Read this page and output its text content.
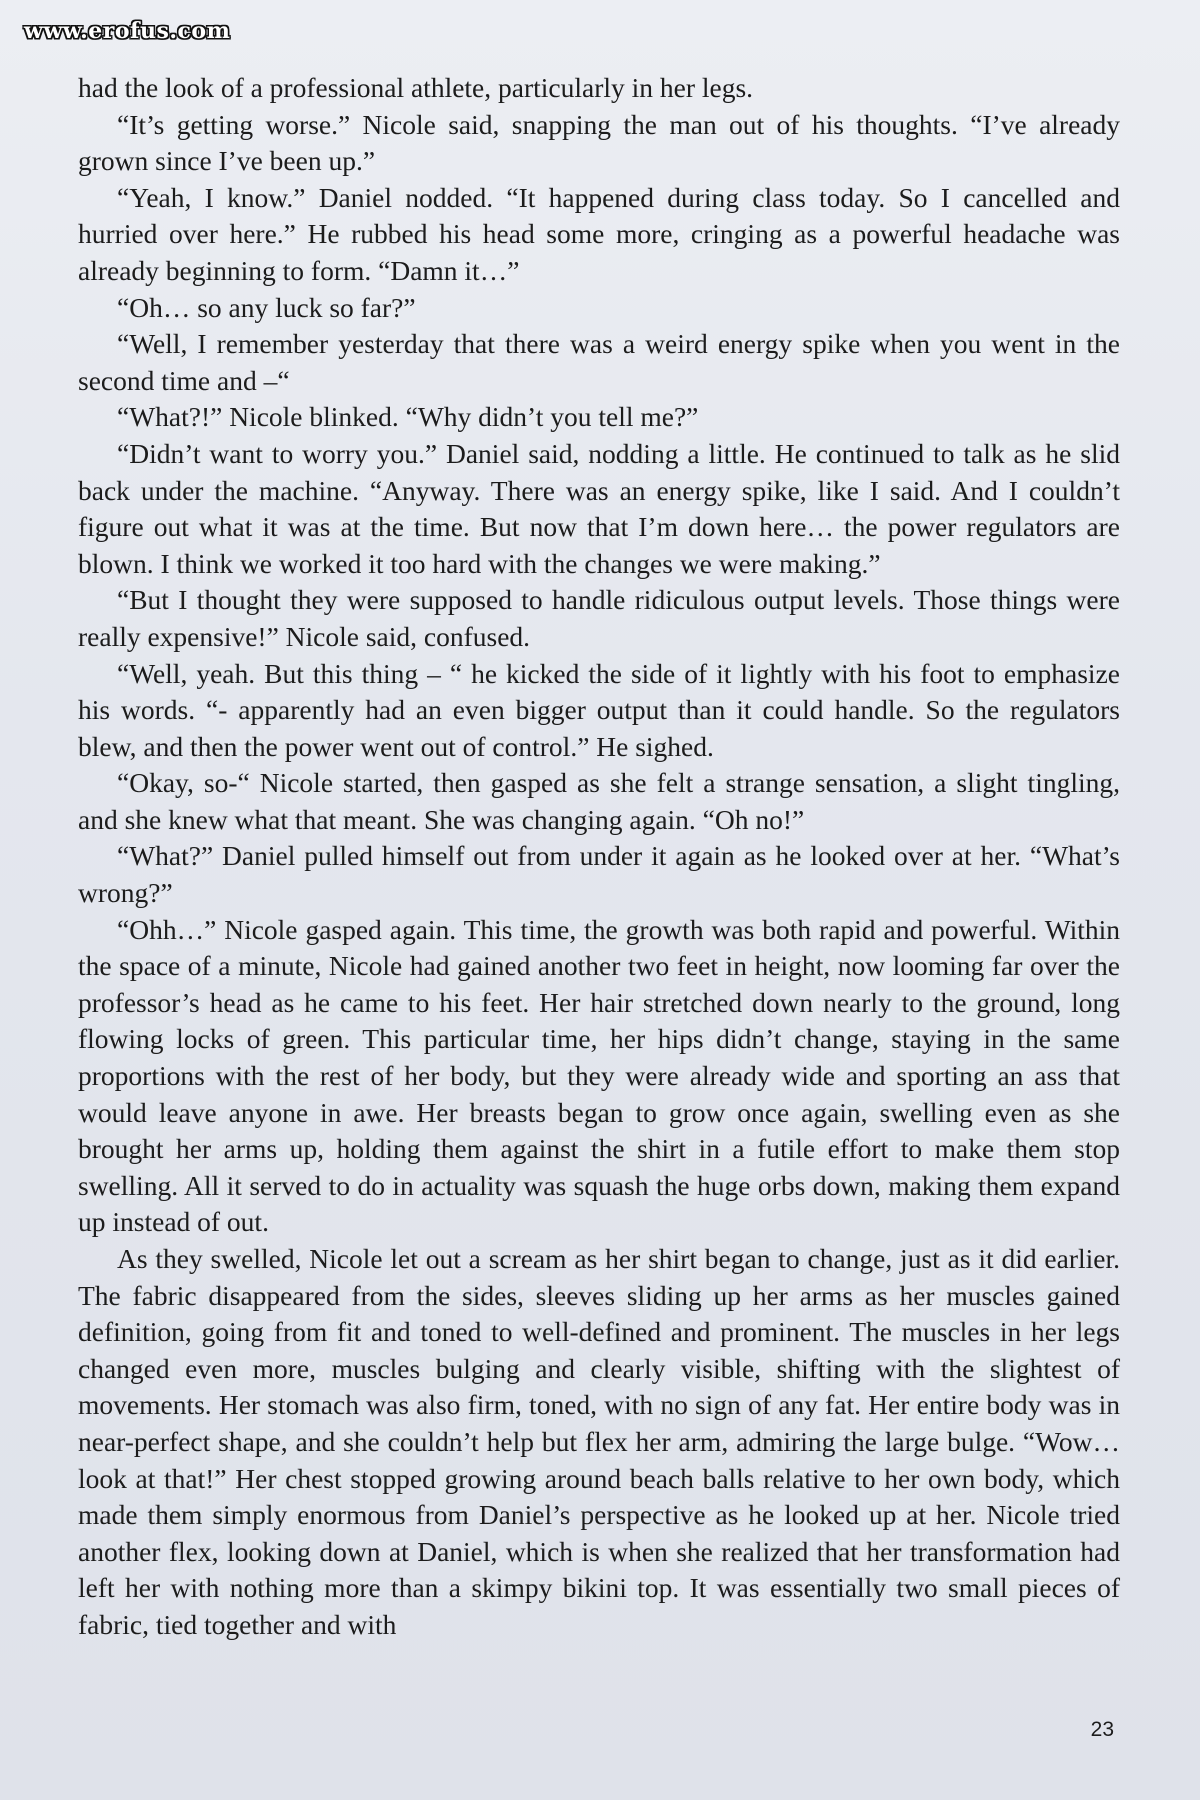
www.erofus.com

had the look of a professional athlete, particularly in her legs.

“It’s getting worse.” Nicole said, snapping the man out of his thoughts. “I’ve already grown since I’ve been up.”

“Yeah, I know.” Daniel nodded. “It happened during class today. So I cancelled and hurried over here.” He rubbed his head some more, cringing as a powerful headache was already beginning to form. “Damn it…”

“Oh… so any luck so far?”

“Well, I remember yesterday that there was a weird energy spike when you went in the second time and –“

“What?!” Nicole blinked. “Why didn’t you tell me?”

“Didn’t want to worry you.” Daniel said, nodding a little. He continued to talk as he slid back under the machine. “Anyway. There was an energy spike, like I said. And I couldn’t figure out what it was at the time. But now that I’m down here… the power regulators are blown. I think we worked it too hard with the changes we were making.”

“But I thought they were supposed to handle ridiculous output levels. Those things were really expensive!” Nicole said, confused.

“Well, yeah. But this thing – “ he kicked the side of it lightly with his foot to emphasize his words. “- apparently had an even bigger output than it could handle. So the regulators blew, and then the power went out of control.” He sighed.

“Okay, so-“ Nicole started, then gasped as she felt a strange sensation, a slight tingling, and she knew what that meant. She was changing again. “Oh no!”

“What?” Daniel pulled himself out from under it again as he looked over at her. “What’s wrong?”

“Ohh…” Nicole gasped again. This time, the growth was both rapid and powerful. Within the space of a minute, Nicole had gained another two feet in height, now looming far over the professor’s head as he came to his feet. Her hair stretched down nearly to the ground, long flowing locks of green. This particular time, her hips didn’t change, staying in the same proportions with the rest of her body, but they were already wide and sporting an ass that would leave anyone in awe. Her breasts began to grow once again, swelling even as she brought her arms up, holding them against the shirt in a futile effort to make them stop swelling. All it served to do in actuality was squash the huge orbs down, making them expand up instead of out.

As they swelled, Nicole let out a scream as her shirt began to change, just as it did earlier. The fabric disappeared from the sides, sleeves sliding up her arms as her muscles gained definition, going from fit and toned to well-defined and prominent. The muscles in her legs changed even more, muscles bulging and clearly visible, shifting with the slightest of movements. Her stomach was also firm, toned, with no sign of any fat. Her entire body was in near-perfect shape, and she couldn’t help but flex her arm, admiring the large bulge. “Wow… look at that!” Her chest stopped growing around beach balls relative to her own body, which made them simply enormous from Daniel’s perspective as he looked up at her. Nicole tried another flex, looking down at Daniel, which is when she realized that her transformation had left her with nothing more than a skimpy bikini top. It was essentially two small pieces of fabric, tied together and with

23
